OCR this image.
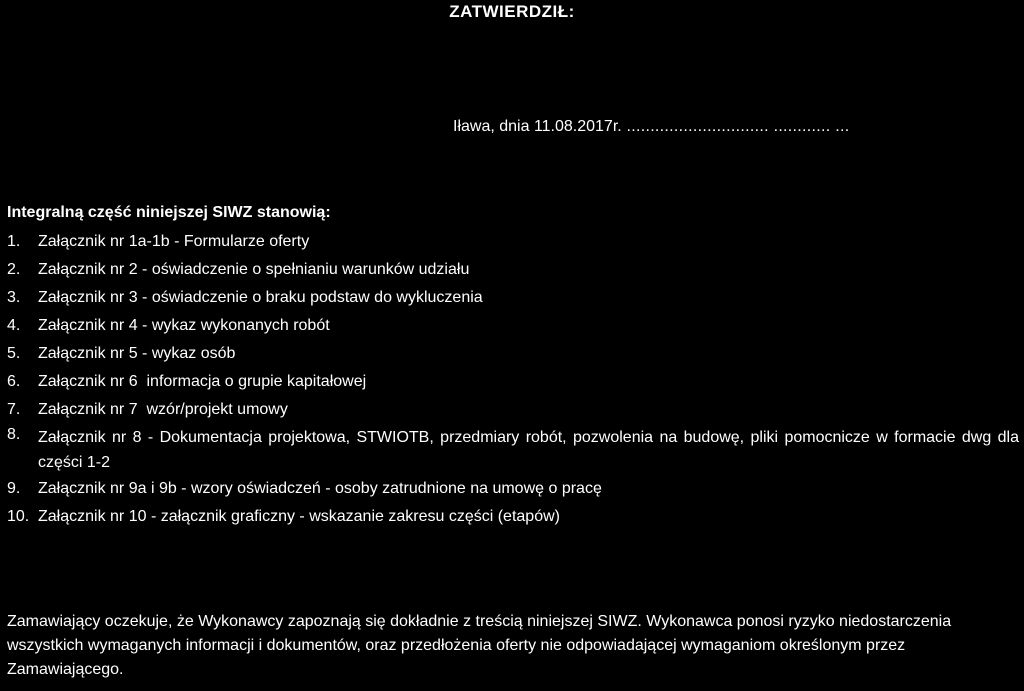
ZATWIERDZIŁ:
Iława, dnia 11.08.2017r. .............................. ............ ...
Integralną część niniejszej SIWZ stanowią:
1.	Załącznik nr 1a-1b - Formularze oferty
2.	Załącznik nr 2 - oświadczenie o spełnianiu warunków udziału
3.	Załącznik nr 3 - oświadczenie o braku podstaw do wykluczenia
4.	Załącznik nr 4 - wykaz wykonanych robót
5.	Załącznik nr 5 - wykaz osób
6.	Załącznik nr 6  informacja o grupie kapitałowej
7.	Załącznik nr 7  wzór/projekt umowy
8.	Załącznik nr 8 - Dokumentacja projektowa, STWIOTB, przedmiary robót, pozwolenia na budowę, pliki pomocnicze w formacie dwg dla części 1-2
9.	Załącznik nr 9a i 9b - wzory oświadczeń - osoby zatrudnione na umowę o pracę
10. Załącznik nr 10 - załącznik graficzny - wskazanie zakresu części (etapów)
Zamawiający oczekuje, że Wykonawcy zapoznają się dokładnie z treścią niniejszej SIWZ. Wykonawca ponosi ryzyko niedostarczenia wszystkich wymaganych informacji i dokumentów, oraz przedłożenia oferty nie odpowiadającej wymaganiom określonym przez Zamawiającego.
